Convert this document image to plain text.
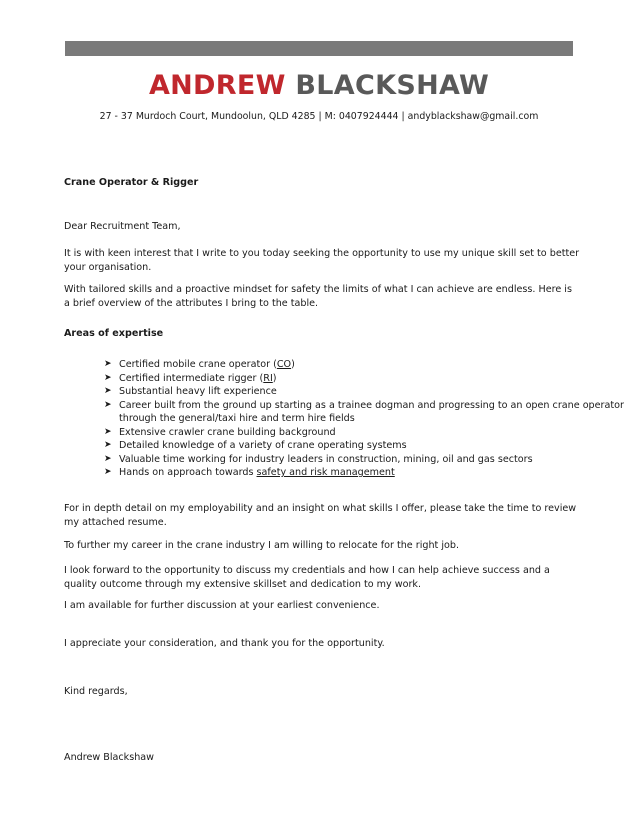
ANDREW BLACKSHAW
27 - 37 Murdoch Court, Mundoolun, QLD 4285 | M: 0407924444 | andyblackshaw@gmail.com
Crane Operator & Rigger
Dear Recruitment Team,
It is with keen interest that I write to you today seeking the opportunity to use my unique skill set to better your organisation.
With tailored skills and a proactive mindset for safety the limits of what I can achieve are endless. Here is
a brief overview of the attributes I bring to the table.
Areas of expertise
➤ Certified mobile crane operator (CO)
➤ Certified intermediate rigger (RI)
➤ Substantial heavy lift experience
➤ Career built from the ground up starting as a trainee dogman and progressing to an open crane operator through the general/taxi hire and term hire fields
➤ Extensive crawler crane building background
➤ Detailed knowledge of a variety of crane operating systems
➤ Valuable time working for industry leaders in construction, mining, oil and gas sectors
➤ Hands on approach towards safety and risk management
For in depth detail on my employability and an insight on what skills I offer, please take the time to review my attached resume.
To further my career in the crane industry I am willing to relocate for the right job.
I look forward to the opportunity to discuss my credentials and how I can help achieve success and a quality outcome through my extensive skillset and dedication to my work.
I am available for further discussion at your earliest convenience.
I appreciate your consideration, and thank you for the opportunity.
Kind regards,
Andrew Blackshaw
